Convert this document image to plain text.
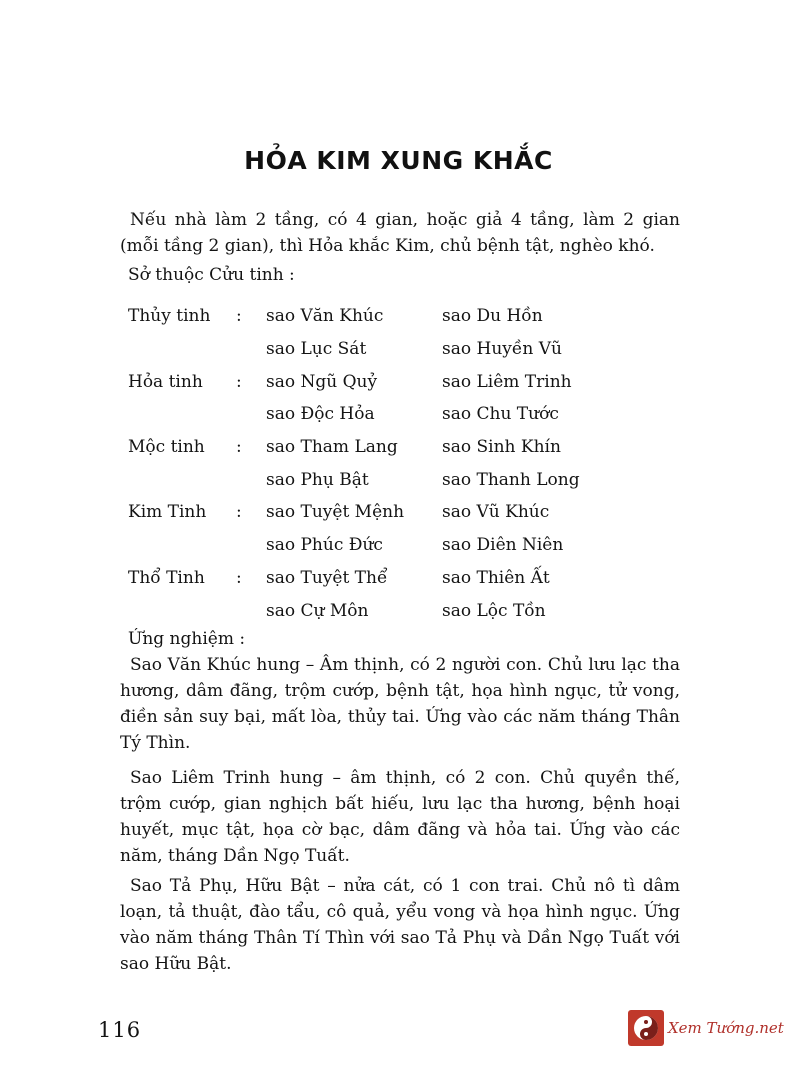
HỎA KIM XUNG KHẮC
Nếu nhà làm 2 tầng, có 4 gian, hoặc giả 4 tầng, làm 2 gian (mỗi tầng 2 gian), thì Hỏa khắc Kim, chủ bệnh tật, nghèo khó.
Sở thuộc Cửu tinh :
Thủy tinh	:	sao Văn Khúc	sao Du Hồn
		sao Lục Sát	sao Huyền Vũ
Hỏa tinh	:	sao Ngũ Quỷ	sao Liêm Trinh
		sao Độc Hỏa	sao Chu Tước
Mộc tinh	:	sao Tham Lang	sao Sinh Khín
		sao Phụ Bật	sao Thanh Long
Kim Tinh	:	sao Tuyệt Mệnh	sao Vũ Khúc
		sao Phúc Đức	sao Diên Niên
Thổ Tinh	:	sao Tuyệt Thể	sao Thiên Ất
		sao Cự Môn	sao Lộc Tồn
Ứng nghiệm :
Sao Văn Khúc hung – Âm thịnh, có 2 người con. Chủ lưu lạc tha hương, dâm đãng, trộm cướp, bệnh tật, họa hình ngục, tử vong, điền sản suy bại, mất lòa, thủy tai. Ứng vào các năm tháng Thân Tý Thìn.
Sao Liêm Trinh hung – âm thịnh, có 2 con. Chủ quyền thế, trộm cướp, gian nghịch bất hiếu, lưu lạc tha hương, bệnh hoại huyết, mục tật, họa cờ bạc, dâm đãng và hỏa tai. Ứng vào các năm, tháng Dần Ngọ Tuất.
Sao Tả Phụ, Hữu Bật – nửa cát, có 1 con trai. Chủ nô tì dâm loạn, tả thuật, đào tẩu, cô quả, yểu vong và họa hình ngục. Ứng vào năm tháng Thân Tí Thìn với sao Tả Phụ và Dần Ngọ Tuất với sao Hữu Bật.
116	Xem Tướng.net
